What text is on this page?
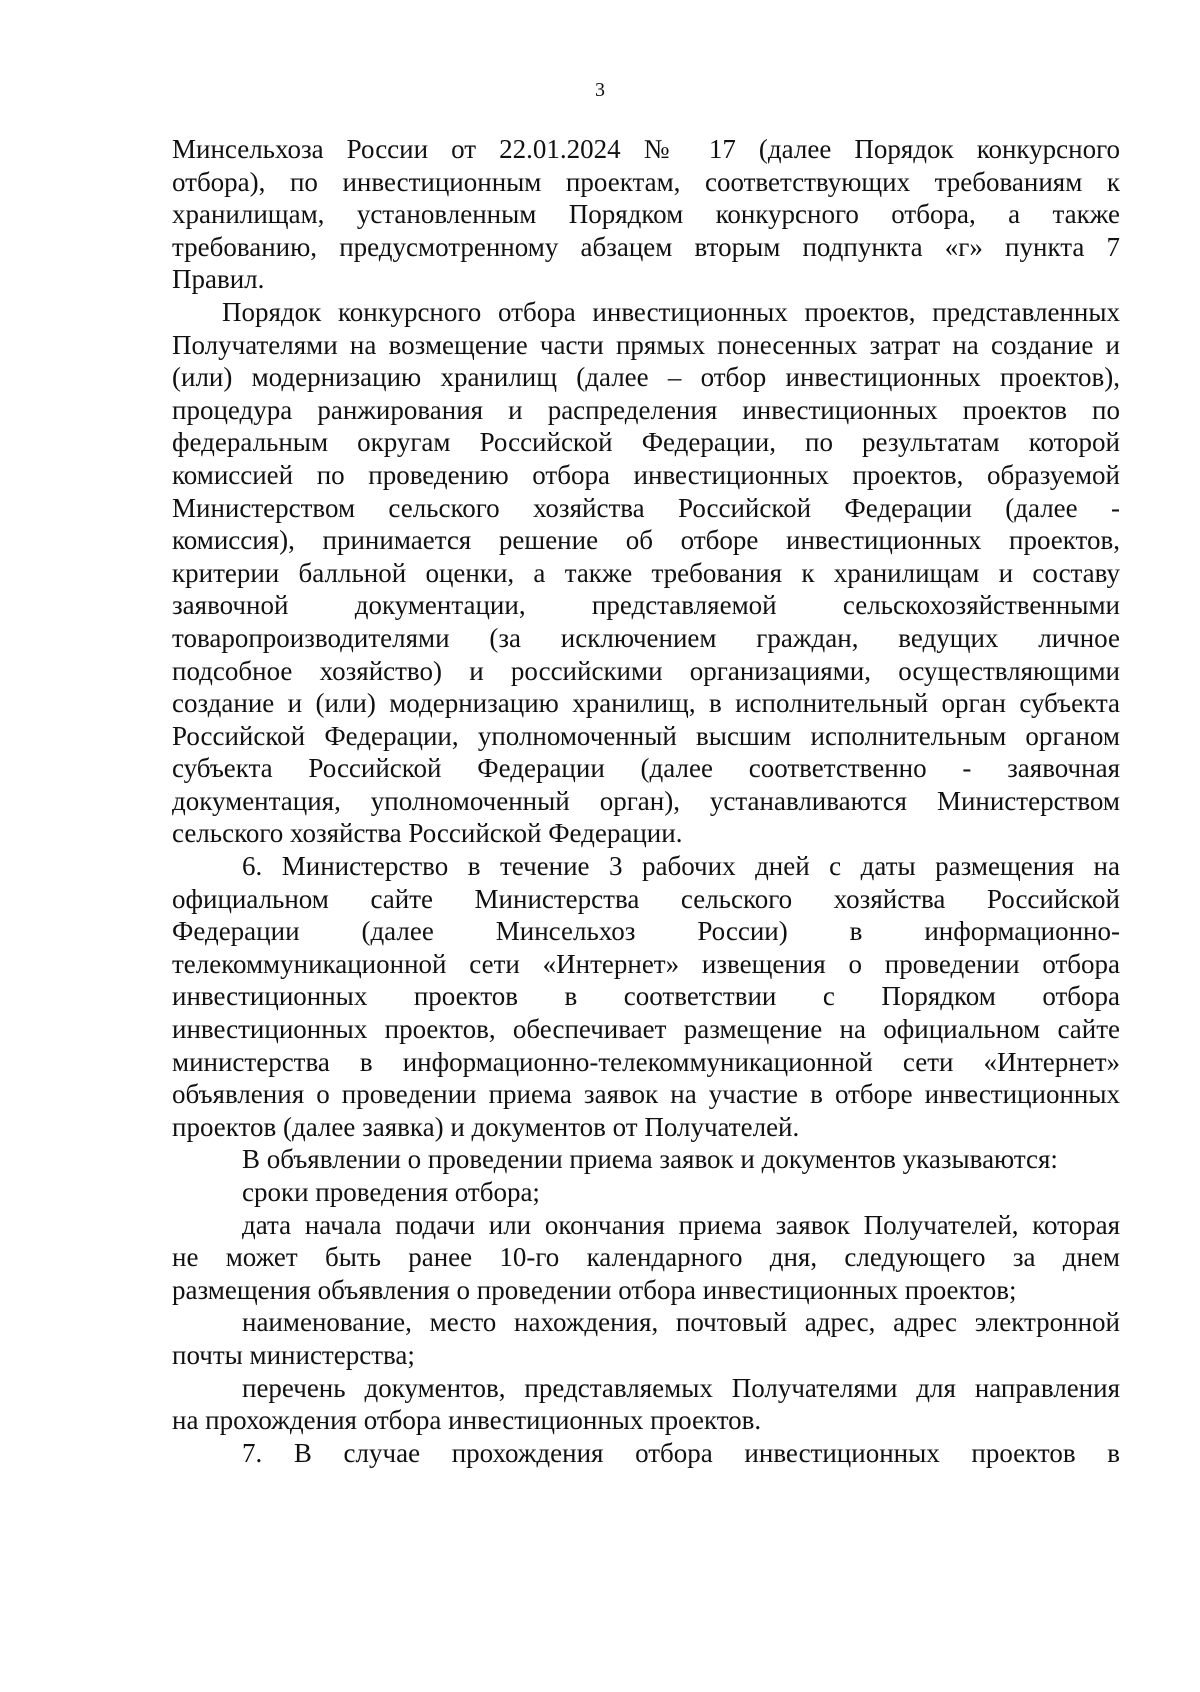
3
Минсельхоза России от 22.01.2024 № 17 (далее Порядок конкурсного
отбора), по инвестиционным проектам, соответствующих требованиям к
хранилищам, установленным Порядком конкурсного отбора, а также
требованию, предусмотренному абзацем вторым подпункта «г» пункта 7
Правил.
Порядок конкурсного отбора инвестиционных проектов, представленных
Получателями на возмещение части прямых понесенных затрат на создание и
(или) модернизацию хранилищ (далее – отбор инвестиционных проектов),
процедура ранжирования и распределения инвестиционных проектов по
федеральным округам Российской Федерации, по результатам которой
комиссией по проведению отбора инвестиционных проектов, образуемой
Министерством сельского хозяйства Российской Федерации (далее -
комиссия), принимается решение об отборе инвестиционных проектов,
критерии балльной оценки, а также требования к хранилищам и составу
заявочной документации, представляемой сельскохозяйственными
товаропроизводителями (за исключением граждан, ведущих личное
подсобное хозяйство) и российскими организациями, осуществляющими
создание и (или) модернизацию хранилищ, в исполнительный орган субъекта
Российской Федерации, уполномоченный высшим исполнительным органом
субъекта Российской Федерации (далее соответственно - заявочная
документация, уполномоченный орган), устанавливаются Министерством
сельского хозяйства Российской Федерации.
6. Министерство в течение 3 рабочих дней с даты размещения на
официальном сайте Министерства сельского хозяйства Российской
Федерации (далее Минсельхоз России) в информационно-
телекоммуникационной сети «Интернет» извещения о проведении отбора
инвестиционных проектов в соответствии с Порядком отбора
инвестиционных проектов, обеспечивает размещение на официальном сайте
министерства в информационно-телекоммуникационной сети «Интернет»
объявления о проведении приема заявок на участие в отборе инвестиционных
проектов (далее заявка) и документов от Получателей.
В объявлении о проведении приема заявок и документов указываются:
сроки проведения отбора;
дата начала подачи или окончания приема заявок Получателей, которая
не может быть ранее 10-го календарного дня, следующего за днем
размещения объявления о проведении отбора инвестиционных проектов;
наименование, место нахождения, почтовый адрес, адрес электронной
почты министерства;
перечень документов, представляемых Получателями для направления
на прохождения отбора инвестиционных проектов.
7. В случае прохождения отбора инвестиционных проектов в
